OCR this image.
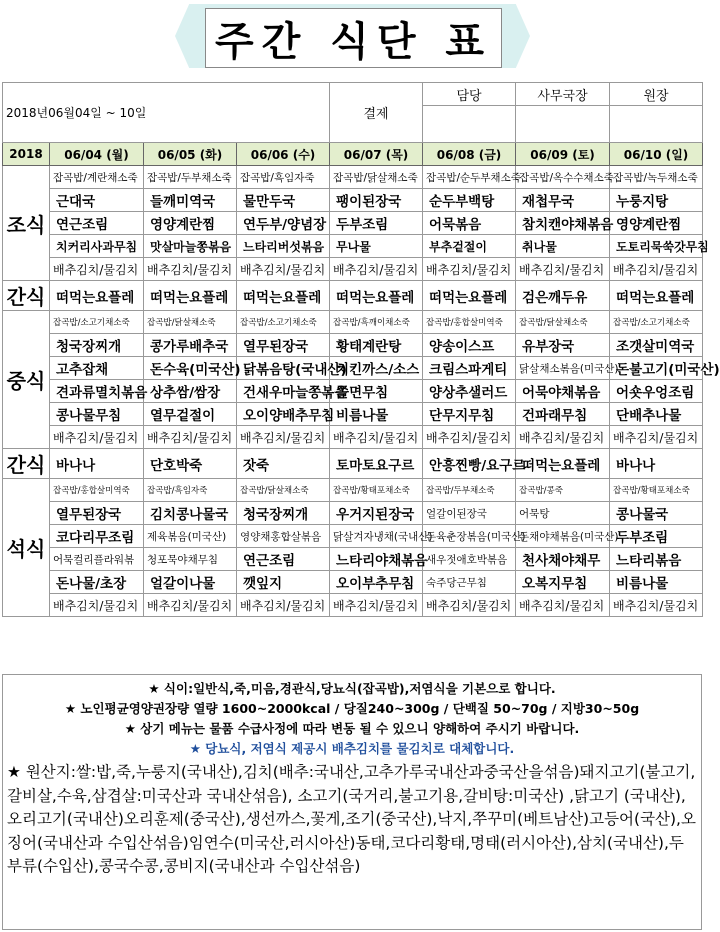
주간 식단 표
2018년06월04일 ~ 10일				결제	담당	사무국장	원장

2018	06/04 (월)	06/05 (화)	06/06 (수)	06/07 (목)	06/08 (금)	06/09 (토)	06/10 (일)
조식	잡곡밥/계란채소죽	잡곡밥/두부채소죽	잡곡밥/흑임자죽	잡곡밥/닭살채소죽	잡곡밥/순두부채소죽	잡곡밥/옥수수채소죽	잡곡밥/녹두채소죽
	근대국	들깨미역국	물만두국	팽이된장국	순두부백탕	재첩무국	누룽지탕
	연근조림	영양계란찜	연두부/양념장	두부조림	어묵볶음	참치캔야채볶음	영양계란찜
	치커리사과무침	맛살마늘쫑볶음	느타리버섯볶음	무나물	부추겉절이	취나물	도토리묵쑥갓무침
	배추김치/물김치	배추김치/물김치	배추김치/물김치	배추김치/물김치	배추김치/물김치	배추김치/물김치	배추김치/물김치
간식	떠먹는요플레	떠먹는요플레	떠먹는요플레	떠먹는요플레	떠먹는요플레	검은깨두유	떠먹는요플레
중식	잡곡밥/소고기채소죽	잡곡밥/닭살채소죽	잡곡밥/소고기채소죽	잡곡밥/흑깨이채소죽	잡곡밥/홍합살미역죽	잡곡밥/닭살채소죽	잡곡밥/소고기채소죽
	청국장찌개	콩가루배추국	열무된장국	황태계란탕	양송이스프	유부장국	조갯살미역국
	고추잡채	돈수육(미국산)	닭볶음탕(국내산)	치킨까스/소스	크림스파게티	닭살채소볶음(미국산)	돈불고기(미국산)
	견과류멸치볶음	상추쌈/쌈장	건새우마늘쫑볶음	쫄면무침	양상추샐러드	어묵야채볶음	어숏우엉조림
	콩나물무침	열무겉절이	오이양배추무침	비름나물	단무지무침	건파래무침	단배추나물
	배추김치/물김치	배추김치/물김치	배추김치/물김치	배추김치/물김치	배추김치/물김치	배추김치/물김치	배추김치/물김치
간식	바나나	단호박죽	잣죽	토마토요구르	안흥찐빵/요구르	떠먹는요플레	바나나
석식	잡곡밥/홍합살미역죽	잡곡밥/흑임자죽	잡곡밥/닭살채소죽	잡곡밥/황태포채소죽	잡곡밥/두부채소죽	잡곡밥/콩죽	잡곡밥/황태포채소죽
	열무된장국	김치콩나물국	청국장찌개	우거지된장국	얼갈이된장국	어묵탕	콩나물국
	코다리무조림	제육볶음(미국산)	영양채홍합살볶음	닭살겨자냉채(국내산)	돈육춘장볶음(미국산)	돈채야채볶음(미국산)	두부조림
	어묵컬리플라워볶	청포묵야채무침	연근조림	느타리야채볶음	새우젓애호박볶음	천사채야채무	느타리볶음
	돈나물/초장	얼갈이나물	깻잎지	오이부추무침	숙주당근무침	오복지무침	비름나물
	배추김치/물김치	배추김치/물김치	배추김치/물김치	배추김치/물김치	배추김치/물김치	배추김치/물김치	배추김치/물김치
★ 식이:일반식,죽,미음,경관식,당뇨식(잡곡밥),저염식을 기본으로 합니다.
★ 노인평균영양권장량 열량 1600~2000kcal / 당질240~300g / 단백질 50~70g / 지방30~50g
★ 상기 메뉴는 물품 수급사정에 따라 변동 될 수 있으니 양해하여 주시기 바랍니다.
★ 당뇨식, 저염식 제공시 배추김치를 물김치로 대체합니다.
★ 원산지:쌀:밥,죽,누룽지(국내산),김치(배추:국내산,고추가루국내산과중국산을섞음)돼지고기(불고기,갈비살,수육,삼겹살:미국산과 국내산섞음), 소고기(국거리,불고기용,갈비탕:미국산) ,닭고기 (국내산),오리고기(국내산)오리훈제(중국산),생선까스,꽃게,조기(중국산),낙지,쭈꾸미(베트남산)고등어(국산),오징어(국내산과 수입산섞음)임연수(미국산,러시아산)동태,코다리황태,명태(러시아산),삼치(국내산),두부류(수입산),콩국수콩,콩비지(국내산과 수입산섞음)
